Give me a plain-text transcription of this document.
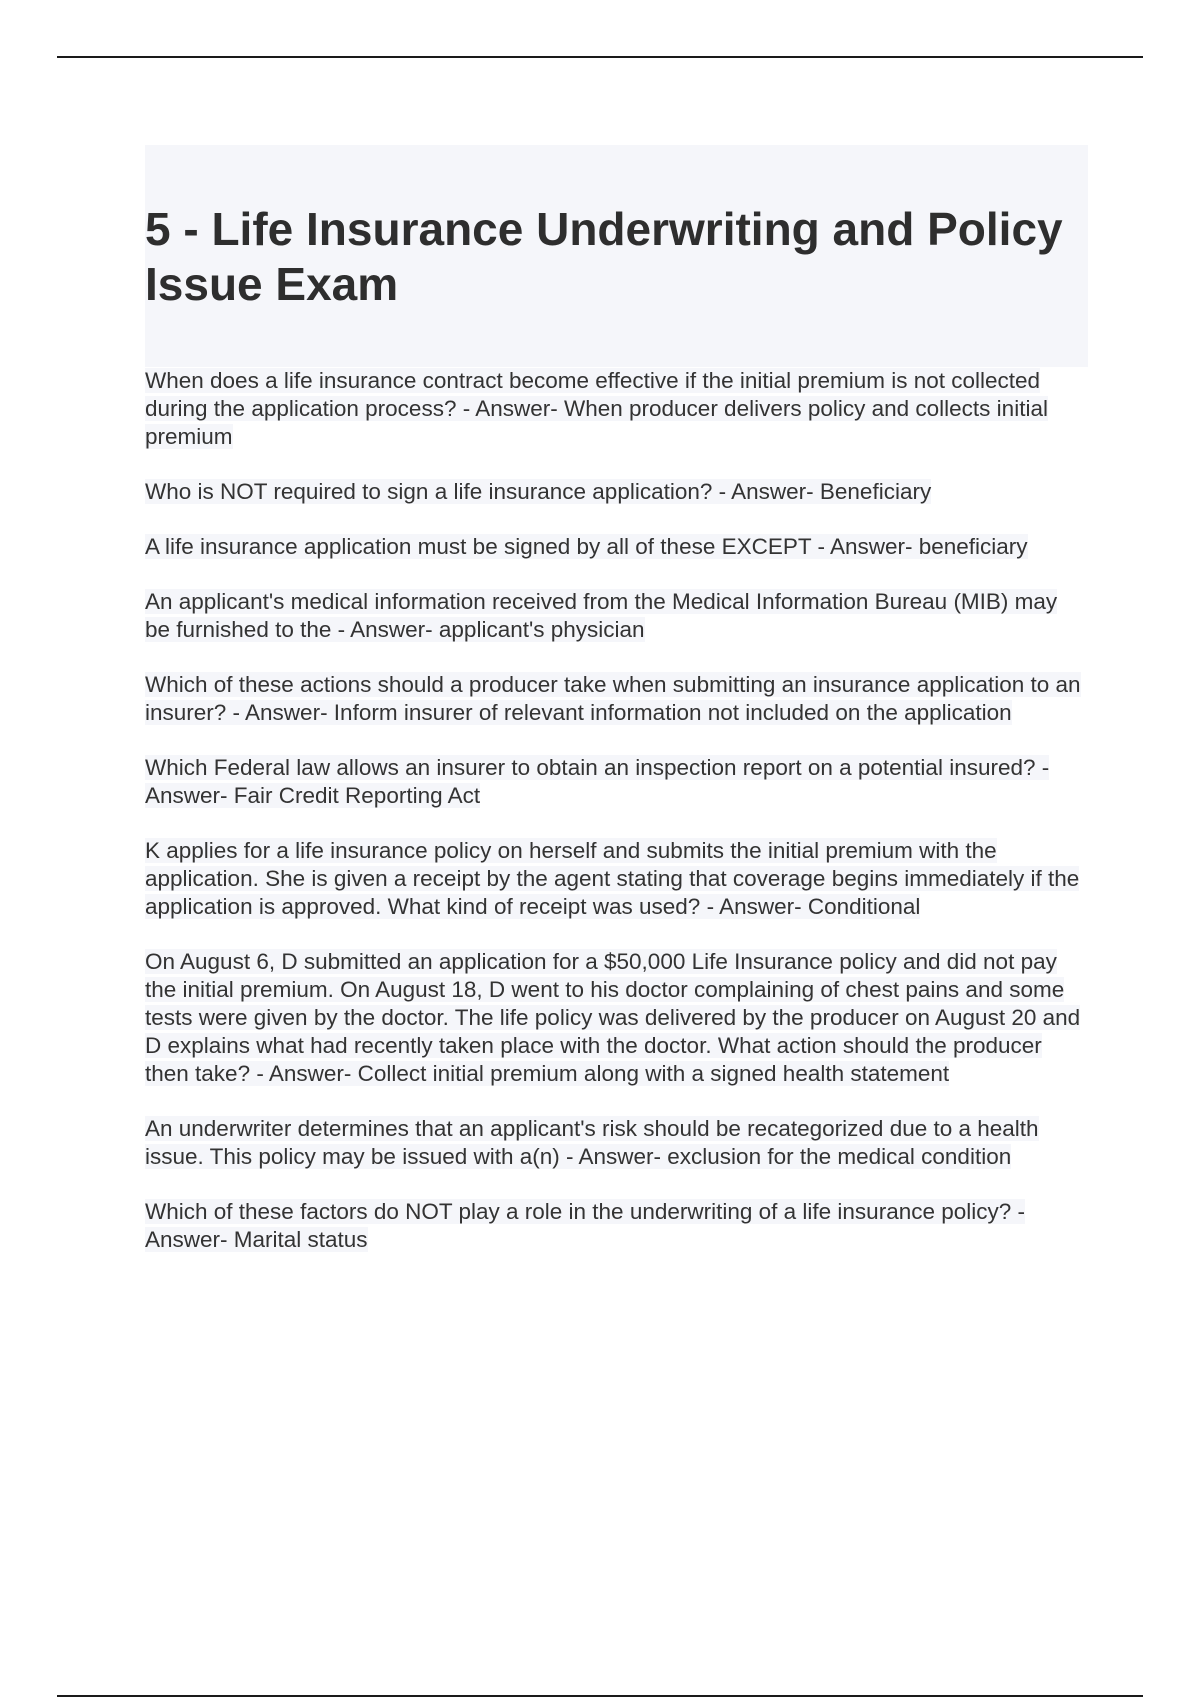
5 - Life Insurance Underwriting and Policy Issue Exam

When does a life insurance contract become effective if the initial premium is not collected during the application process? - Answer- When producer delivers policy and collects initial premium

Who is NOT required to sign a life insurance application? - Answer- Beneficiary

A life insurance application must be signed by all of these EXCEPT - Answer- beneficiary

An applicant's medical information received from the Medical Information Bureau (MIB) may be furnished to the - Answer- applicant's physician

Which of these actions should a producer take when submitting an insurance application to an insurer? - Answer- Inform insurer of relevant information not included on the application

Which Federal law allows an insurer to obtain an inspection report on a potential insured? - Answer- Fair Credit Reporting Act

K applies for a life insurance policy on herself and submits the initial premium with the application. She is given a receipt by the agent stating that coverage begins immediately if the application is approved. What kind of receipt was used? - Answer- Conditional

On August 6, D submitted an application for a $50,000 Life Insurance policy and did not pay the initial premium. On August 18, D went to his doctor complaining of chest pains and some tests were given by the doctor. The life policy was delivered by the producer on August 20 and D explains what had recently taken place with the doctor. What action should the producer then take? - Answer- Collect initial premium along with a signed health statement

An underwriter determines that an applicant's risk should be recategorized due to a health issue. This policy may be issued with a(n) - Answer- exclusion for the medical condition

Which of these factors do NOT play a role in the underwriting of a life insurance policy? - Answer- Marital status
